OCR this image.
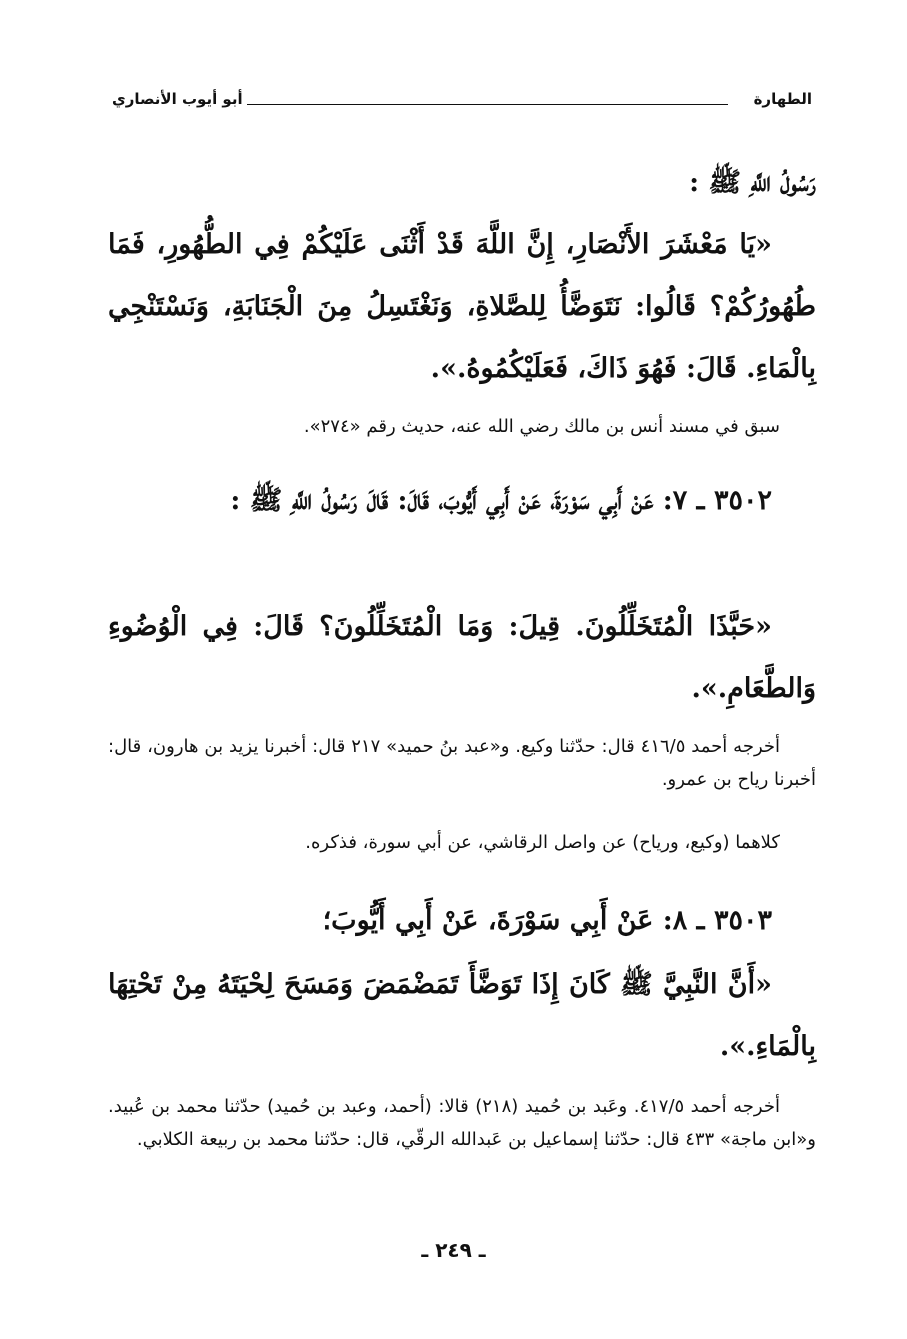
الطهارة
أبو أيوب الأنصاري
رَسُولُ اللَّهِ ﷺ :
«يَا مَعْشَرَ الأَنْصَارِ، إِنَّ اللَّهَ قَدْ أَثْنَى عَلَيْكُمْ فِي الطُّهُورِ، فَمَا طُهُورُكُمْ؟ قَالُوا: نَتَوَضَّأُ لِلصَّلاةِ، وَنَغْتَسِلُ مِنَ الْجَنَابَةِ، وَنَسْتَنْجِي بِالْمَاءِ. قَالَ: فَهُوَ ذَاكَ، فَعَلَيْكُمُوهُ.».
سبق في مسند أنس بن مالك رضي الله عنه، حديث رقم «٢٧٤».
٣٥٠٢ ـ ٧: عَنْ أَبِي سَوْرَةَ، عَنْ أَبِي أَيُّوبَ، قَالَ: قَالَ رَسُولُ اللَّهِ ﷺ :
«حَبَّذَا الْمُتَخَلِّلُونَ. قِيلَ: وَمَا الْمُتَخَلِّلُونَ؟ قَالَ: فِي الْوُضُوءِ وَالطَّعَامِ.».
أخرجه أحمد ٤١٦/٥ قال: حدّثنا وكيع. و«عبد بنُ حميد» ٢١٧ قال: أخبرنا يزيد بن هارون، قال: أخبرنا رياح بن عمرو.
كلاهما (وكيع، ورياح) عن واصل الرقاشي، عن أبي سورة، فذكره.
٣٥٠٣ ـ ٨: عَنْ أَبِي سَوْرَةَ، عَنْ أَبِي أَيُّوبَ؛
«أَنَّ النَّبِيَّ ﷺ كَانَ إِذَا تَوَضَّأَ تَمَضْمَضَ وَمَسَحَ لِحْيَتَهُ مِنْ تَحْتِهَا بِالْمَاءِ.».
أخرجه أحمد ٤١٧/٥. وعَبد بن حُميد (٢١٨) قالا: (أحمد، وعبد بن حُميد) حدّثنا محمد بن عُبيد. و«ابن ماجة» ٤٣٣ قال: حدّثنا إسماعيل بن عَبدالله الرقّي، قال: حدّثنا محمد بن ربيعة الكلابي.
ـ ٢٤٩ ـ
